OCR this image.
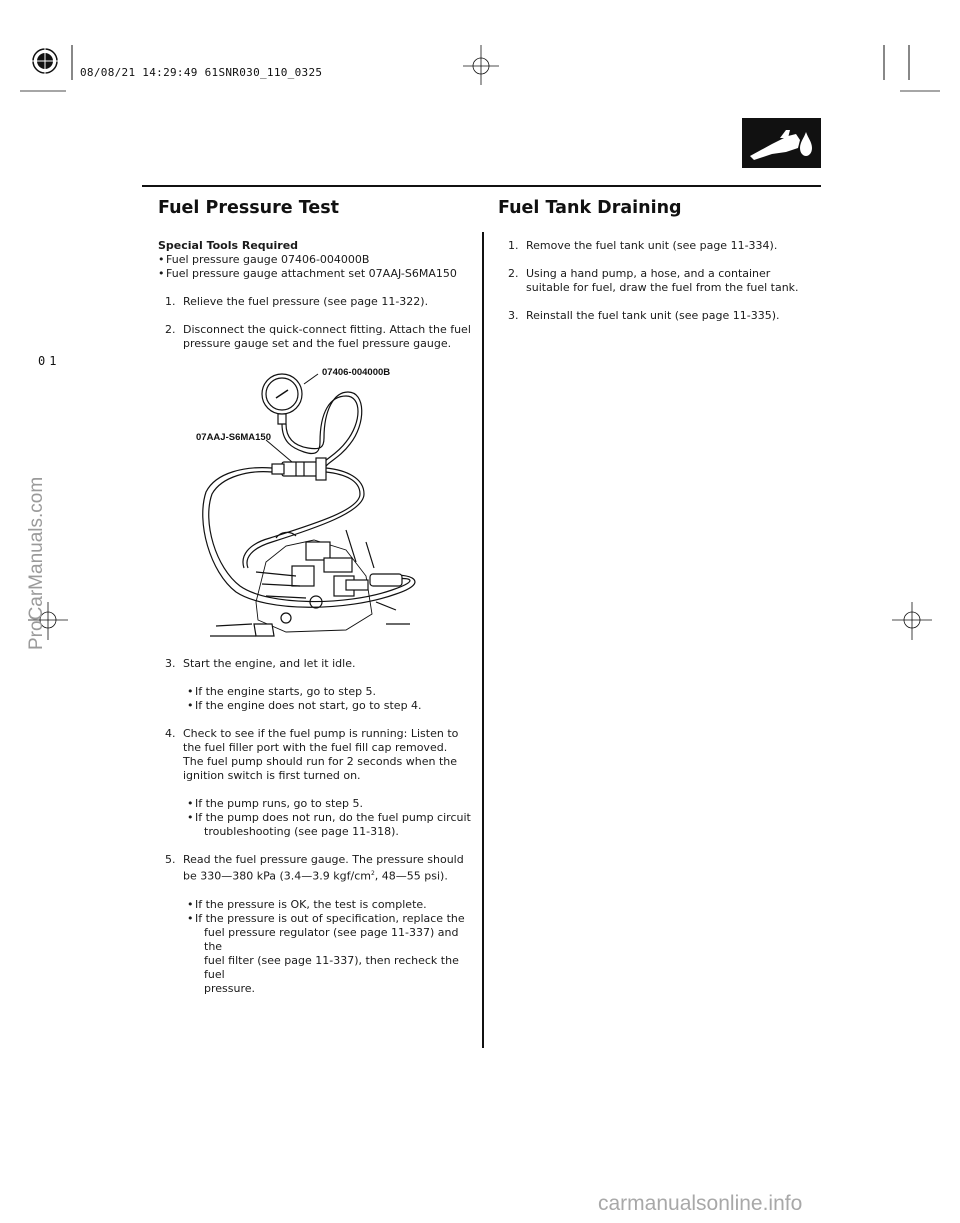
08/08/21 14:29:49 61SNR030_110_0325
01
Fuel Pressure Test	Fuel Tank Draining

Special Tools Required

• Fuel pressure gauge 07406-004000B

• Fuel pressure gauge attachment set 07AAJ-S6MA150

1. Relieve the fuel pressure (see page 11-322).

2. Disconnect the quick-connect fitting. Attach the fuel

pressure gauge set and the fuel pressure gauge.

07406-004000B
07AAJ-S6MA150
3. Start the engine, and let it idle.

• If the engine starts, go to step 5.

• If the engine does not start, go to step 4.

4. Check to see if the fuel pump is running: Listen to

the fuel filler port with the fuel fill cap removed.

The fuel pump should run for 2 seconds when the

ignition switch is first turned on.

• If the pump runs, go to step 5.

• If the pump does not run, do the fuel pump circuit

troubleshooting (see page 11-318).

5. Read the fuel pressure gauge. The pressure should

be 330—380 kPa (3.4—3.9 kgf/$cm^2$, 48—55 psi).

• If the pressure is OK, the test is complete.

• If the pressure is out of specification, replace the

fuel pressure regulator (see page 11-337) and the

fuel filter (see page 11-337), then recheck the fuel

pressure.

1. Remove the fuel tank unit (see page 11-334).

2. Using a hand pump, a hose, and a container

suitable for fuel, draw the fuel from the fuel tank.

3. Reinstall the fuel tank unit (see page 11-335).

ProCarManuals.com
carmanualsonline.info
